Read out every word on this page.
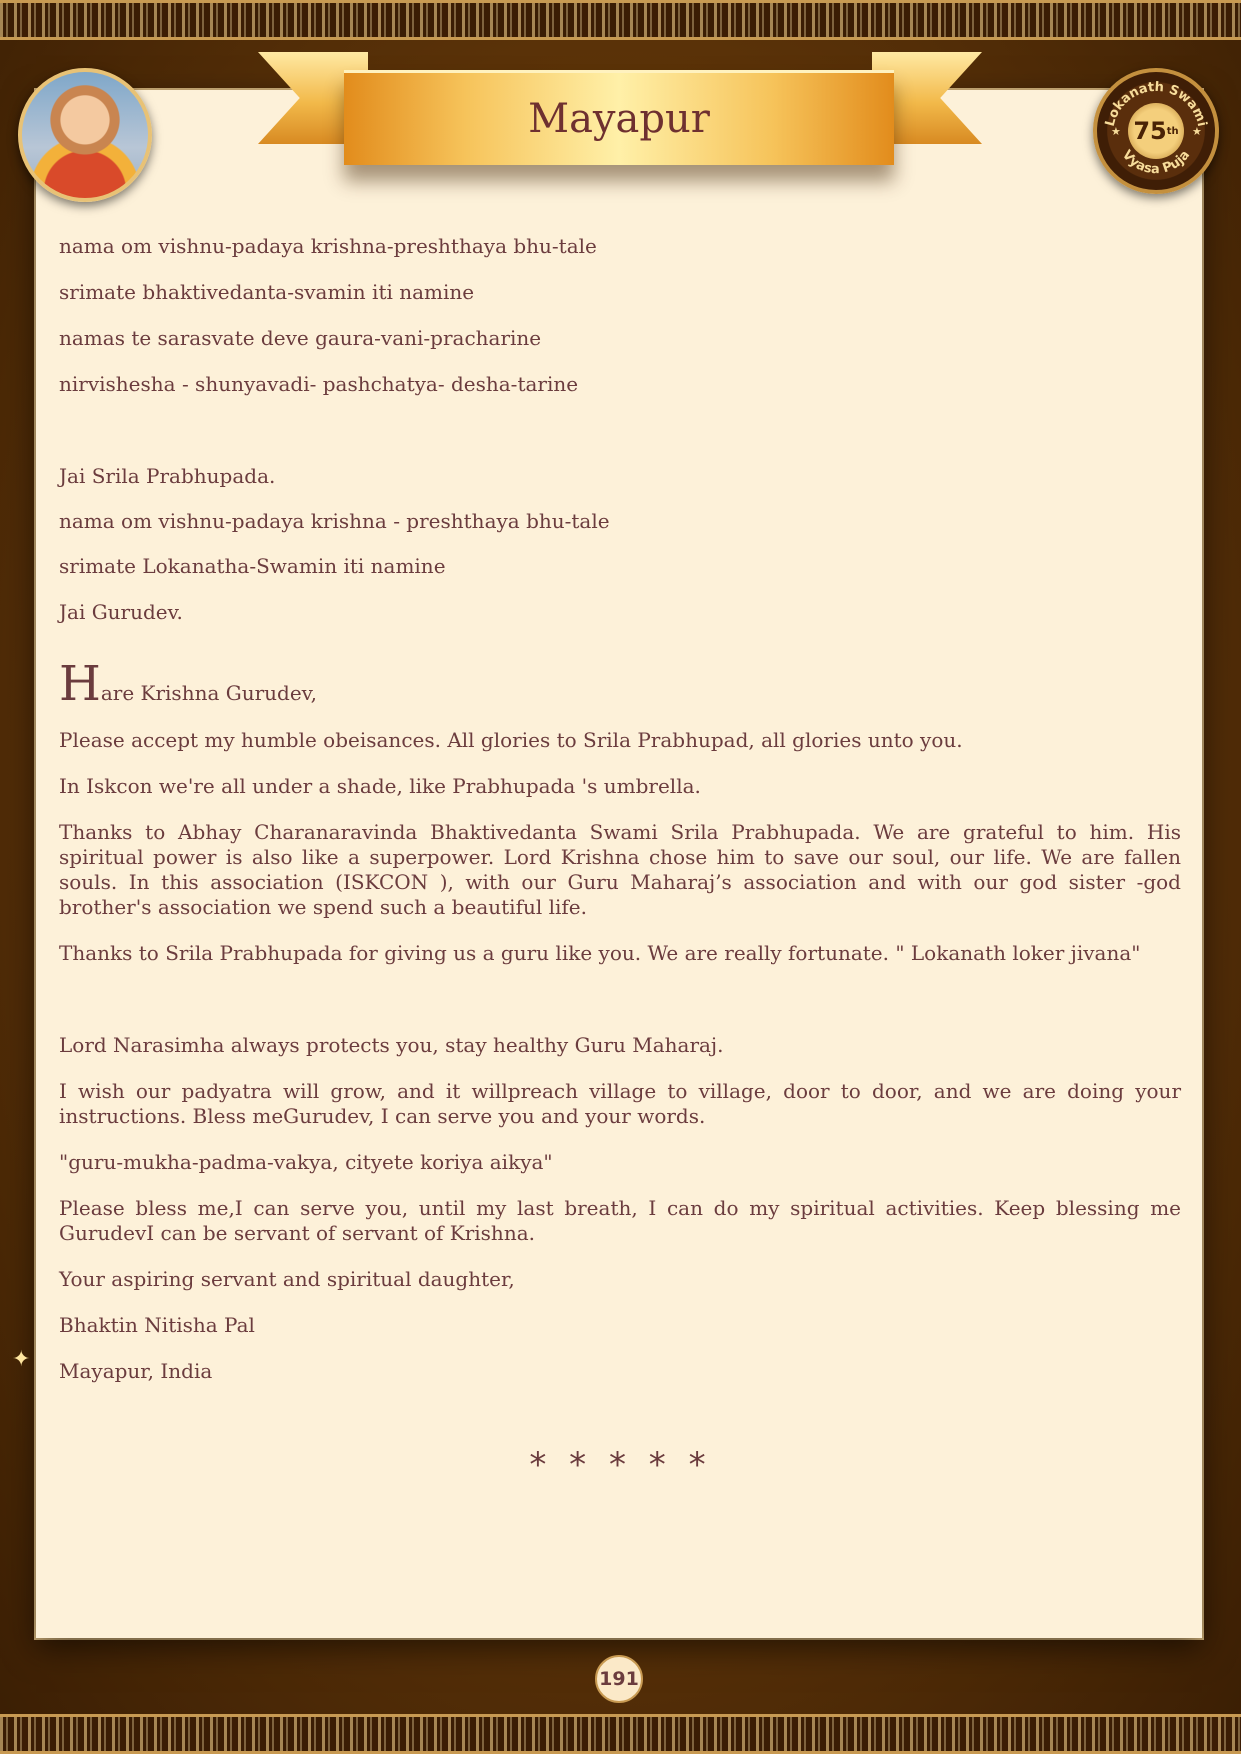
Mayapur	Lokanath Swami
Vyasa Puja
★	★
75 th

nama om vishnu-padaya krishna-preshthaya bhu-tale

srimate bhaktivedanta-svamin iti namine

namas te sarasvate deve gaura-vani-pracharine

nirvishesha - shunyavadi- pashchatya- desha-tarine

Jai Srila Prabhupada.

nama om vishnu-padaya krishna - preshthaya bhu-tale

srimate Lokanatha-Swamin iti namine

Jai Gurudev.

Hare Krishna Gurudev,

Please accept my humble obeisances. All glories to Srila Prabhupad, all glories unto you.

In Iskcon we're all under a shade, like Prabhupada 's umbrella.

Thanks to Abhay Charanaravinda Bhaktivedanta Swami Srila Prabhupada. We are grateful to him. His spiritual power is also like a superpower. Lord Krishna chose him to save our soul, our life. We are fallen souls. In this association (ISKCON ), with our Guru Maharaj’s association and with our god sister -god brother's association we spend such a beautiful life.

Thanks to Srila Prabhupada for giving us a guru like you. We are really fortunate. " Lokanath loker jivana"

Lord Narasimha always protects you, stay healthy Guru Maharaj.

I wish our padyatra will grow, and it willpreach village to village, door to door, and we are doing your instructions. Bless meGurudev, I can serve you and your words.

"guru-mukha-padma-vakya, cityete koriya aikya"

Please bless me,I can serve you, until my last breath, I can do my spiritual activities. Keep blessing me GurudevI can be servant of servant of Krishna.

Your aspiring servant and spiritual daughter,

Bhaktin Nitisha Pal

Mayapur, India

* * * * *
✦
191
